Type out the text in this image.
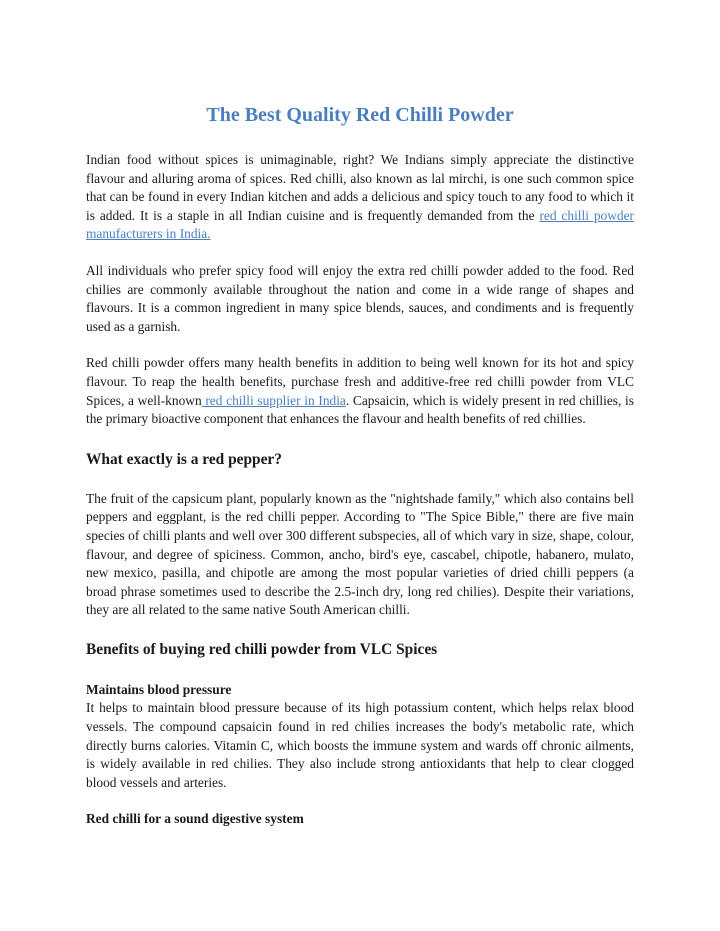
The Best Quality Red Chilli Powder

Indian food without spices is unimaginable, right? We Indians simply appreciate the distinctive flavour and alluring aroma of spices. Red chilli, also known as lal mirchi, is one such common spice that can be found in every Indian kitchen and adds a delicious and spicy touch to any food to which it is added. It is a staple in all Indian cuisine and is frequently demanded from the red chilli powder manufacturers in India.

All individuals who prefer spicy food will enjoy the extra red chilli powder added to the food. Red chilies are commonly available throughout the nation and come in a wide range of shapes and flavours. It is a common ingredient in many spice blends, sauces, and condiments and is frequently used as a garnish.

Red chilli powder offers many health benefits in addition to being well known for its hot and spicy flavour. To reap the health benefits, purchase fresh and additive-free red chilli powder from VLC Spices, a well-known red chilli supplier in India. Capsaicin, which is widely present in red chillies, is the primary bioactive component that enhances the flavour and health benefits of red chillies.

What exactly is a red pepper?

The fruit of the capsicum plant, popularly known as the "nightshade family," which also contains bell peppers and eggplant, is the red chilli pepper. According to "The Spice Bible," there are five main species of chilli plants and well over 300 different subspecies, all of which vary in size, shape, colour, flavour, and degree of spiciness. Common, ancho, bird's eye, cascabel, chipotle, habanero, mulato, new mexico, pasilla, and chipotle are among the most popular varieties of dried chilli peppers (a broad phrase sometimes used to describe the 2.5-inch dry, long red chilies). Despite their variations, they are all related to the same native South American chilli.

Benefits of buying red chilli powder from VLC Spices
Maintains blood pressure

It helps to maintain blood pressure because of its high potassium content, which helps relax blood vessels. The compound capsaicin found in red chilies increases the body's metabolic rate, which directly burns calories. Vitamin C, which boosts the immune system and wards off chronic ailments, is widely available in red chilies. They also include strong antioxidants that help to clear clogged blood vessels and arteries.

Red chilli for a sound digestive system
